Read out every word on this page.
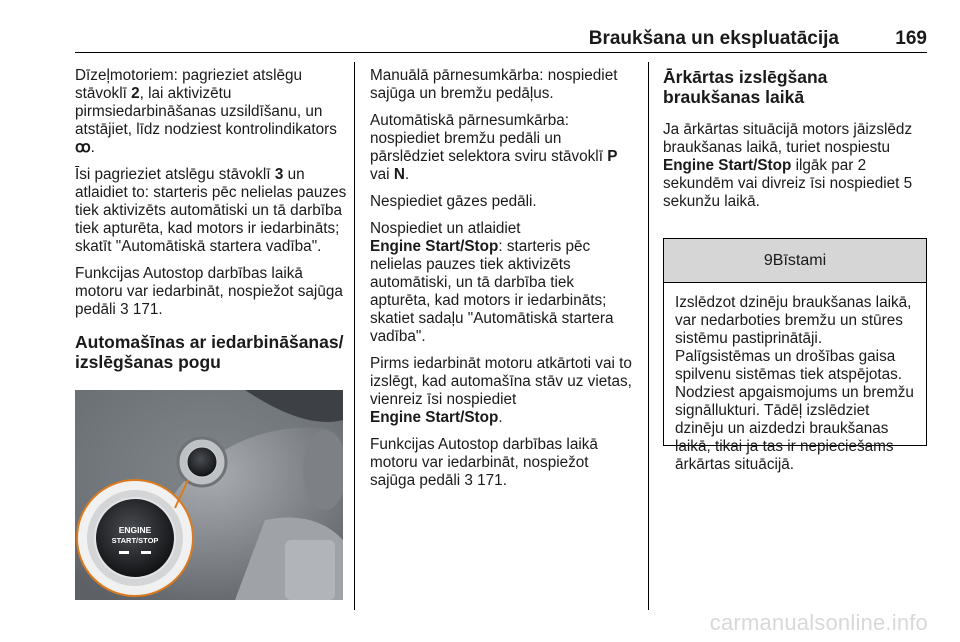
Braukšana un ekspluatācija	169

Dīzeļmotoriem: pagrieziet atslēgu stāvoklī 2, lai aktivizētu pirmsiedarbināšanas uzsildīšanu, un atstājiet, līdz nodziest kontrolindikators ꝏ.

Īsi pagrieziet atslēgu stāvoklī 3 un atlaidiet to: starteris pēc nelielas pauzes tiek aktivizēts automātiski un tā darbība tiek apturēta, kad motors ir iedarbināts; skatīt "Automātiskā startera vadība".

Funkcijas Autostop darbības laikā motoru var iedarbināt, nospiežot sajūga pedāli 3 171.

Automašīnas ar iedarbināšanas/ izslēgšanas pogu
ENGINE
START/STOP

Manuālā pārnesumkārba: nospiediet sajūga un bremžu pedāļus.

Automātiskā pārnesumkārba: nospiediet bremžu pedāli un pārslēdziet selektora sviru stāvoklī P vai N.

Nespiediet gāzes pedāli.

Nospiediet un atlaidiet
Engine Start/Stop: starteris pēc nelielas pauzes tiek aktivizēts automātiski, un tā darbība tiek apturēta, kad motors ir iedarbināts; skatiet sadaļu "Automātiskā startera vadība".

Pirms iedarbināt motoru atkārtoti vai to izslēgt, kad automašīna stāv uz vietas, vienreiz īsi nospiediet
Engine Start/Stop.

Funkcijas Autostop darbības laikā motoru var iedarbināt, nospiežot sajūga pedāli 3 171.

Ārkārtas izslēgšana braukšanas laikā

Ja ārkārtas situācijā motors jāizslēdz braukšanas laikā, turiet nospiestu
Engine Start/Stop ilgāk par 2 sekundēm vai divreiz īsi nospiediet 5 sekunžu laikā.

9 Bīstami
Izslēdzot dzinēju braukšanas laikā, var nedarboties bremžu un stūres sistēmu pastiprinātāji. Palīgsistēmas un drošības gaisa spilvenu sistēmas tiek atspējotas. Nodziest apgaismojums un bremžu signāllukturi. Tādēļ izslēdziet dzinēju un aizdedzi braukšanas laikā, tikai ja tas ir nepieciešams ārkārtas situācijā.
carmanualsonline.info
